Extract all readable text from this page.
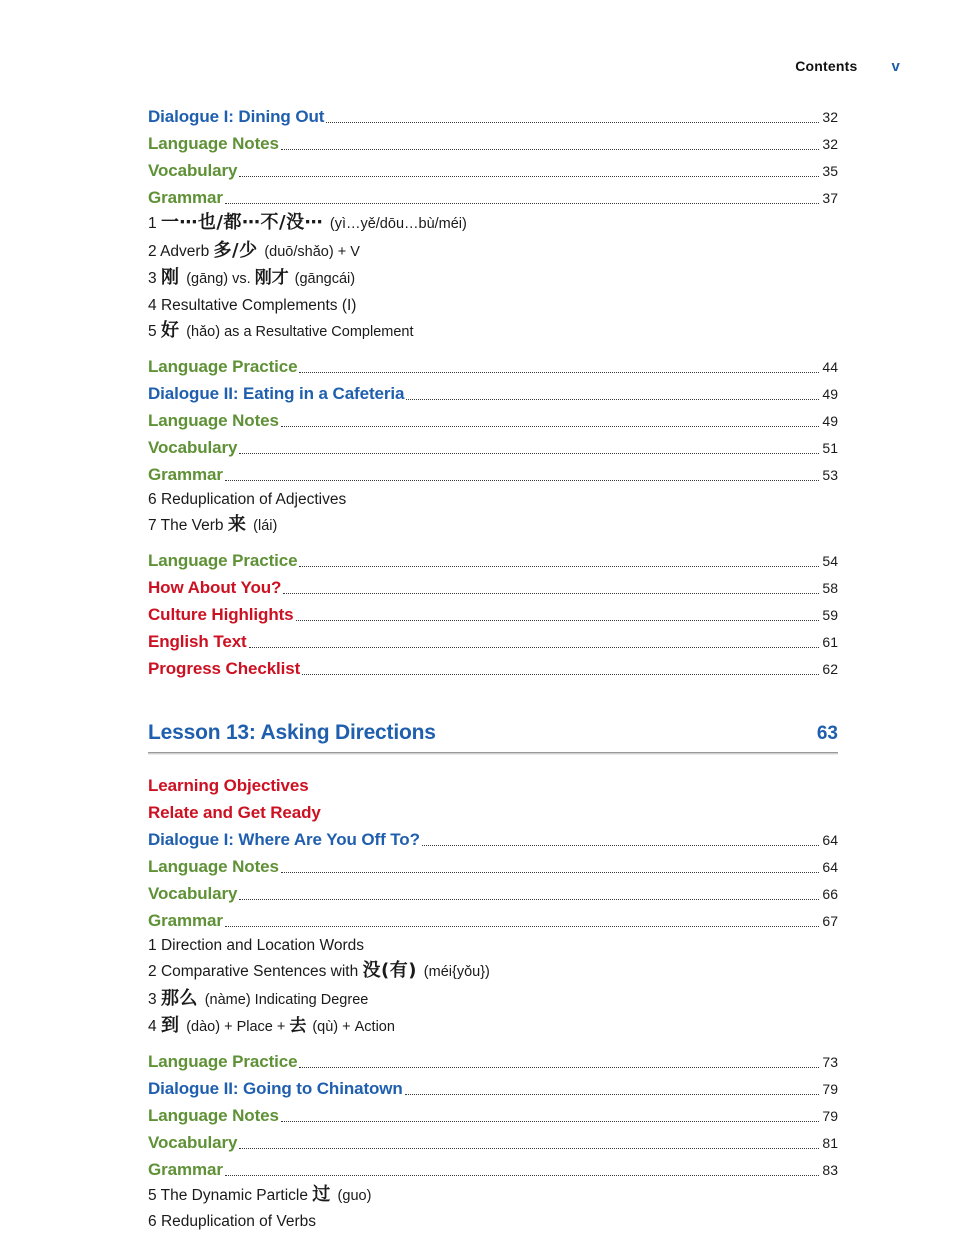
Contents v
Dialogue I: Dining Out	32
Language Notes	32
Vocabulary	35
Grammar	37
1 一⋯也/都⋯不/没⋯ (yì…yě/dōu…bù/méi)
2 Adverb 多/少 (duō/shǎo) + V
3 刚 (gāng) vs. 刚才 (gāngcái)
4 Resultative Complements (I)
5 好 (hǎo) as a Resultative Complement
Language Practice	44
Dialogue II: Eating in a Cafeteria	49
Language Notes	49
Vocabulary	51
Grammar	53
6 Reduplication of Adjectives
7 The Verb 来 (lái)
Language Practice	54
How About You?	58
Culture Highlights	59
English Text	61
Progress Checklist	62
Lesson 13: Asking Directions	63
Learning Objectives
Relate and Get Ready
Dialogue I: Where Are You Off To?	64
Language Notes	64
Vocabulary	66
Grammar	67
1 Direction and Location Words
2 Comparative Sentences with 没(有) (méi{yǒu})
3 那么 (nàme) Indicating Degree
4 到 (dào) + Place + 去 (qù) + Action
Language Practice	73
Dialogue II: Going to Chinatown	79
Language Notes	79
Vocabulary	81
Grammar	83
5 The Dynamic Particle 过 (guo)
6 Reduplication of Verbs
